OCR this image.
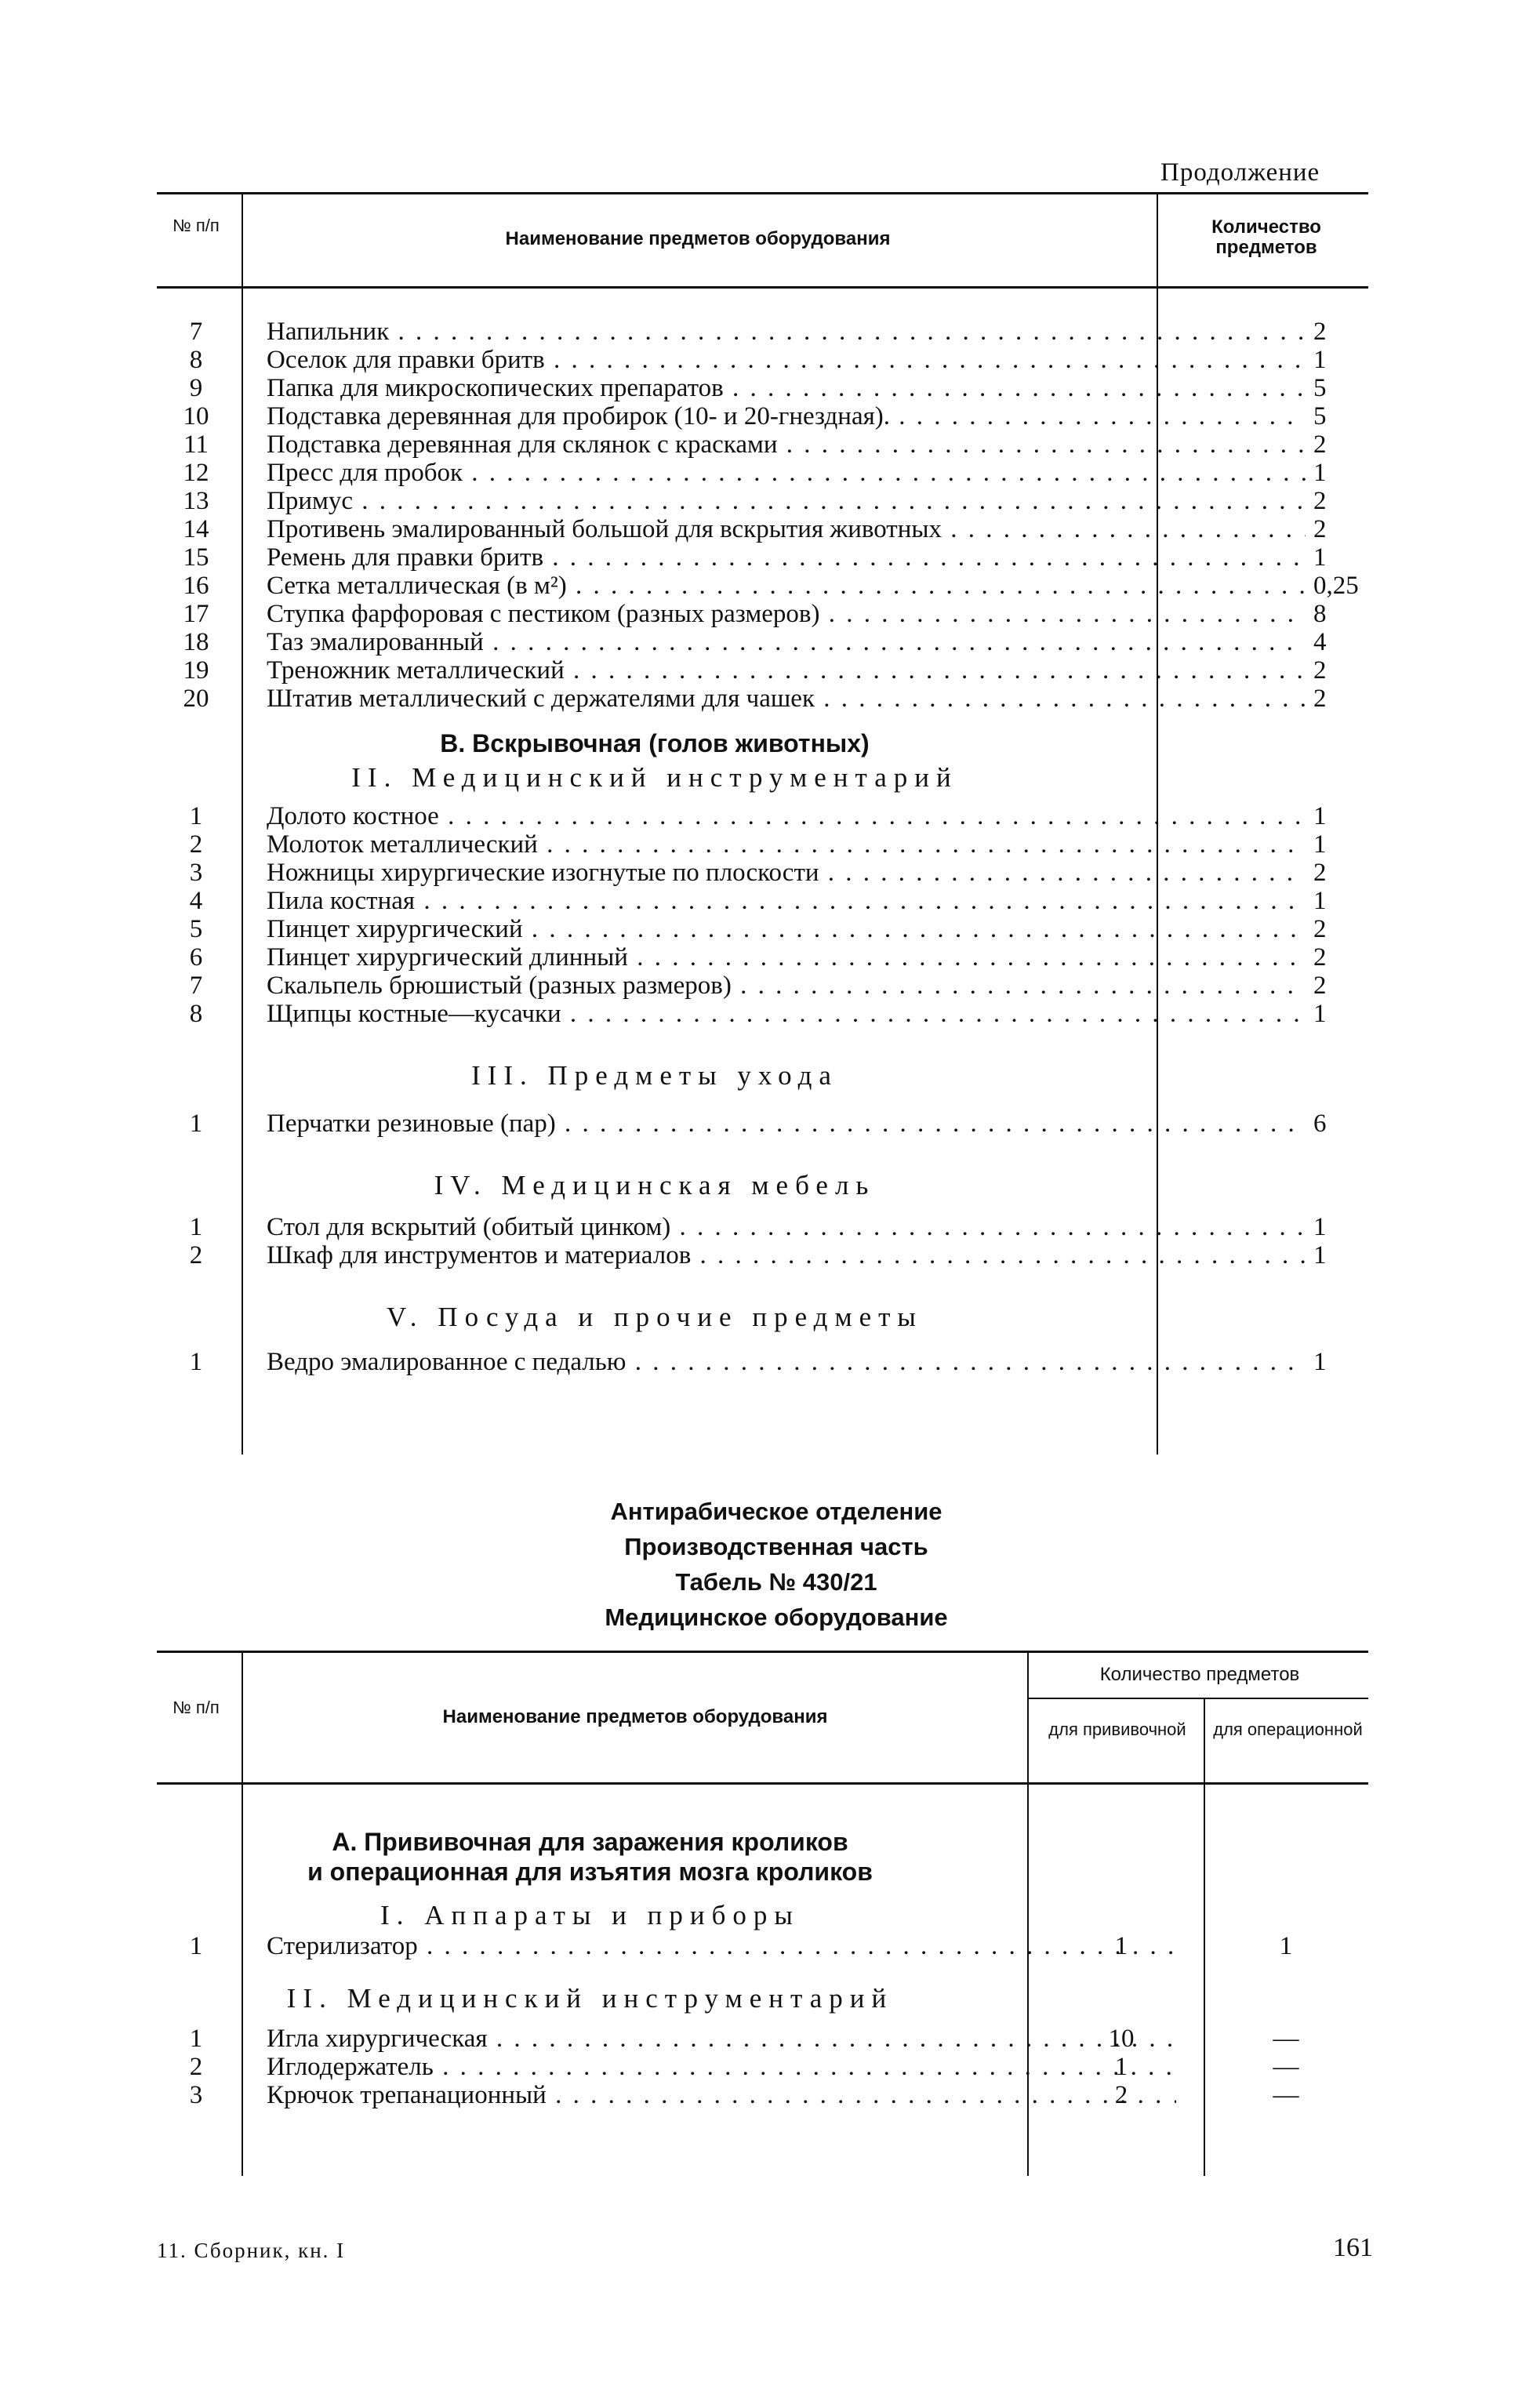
Продолжение
№ п/п
Наименование предметов оборудования
Количество предметов
7	Напильник . . .	2
8	Оселок для правки бритв . . .	1
9	Папка для микроскопических препаратов . . .	5
10	Подставка деревянная для пробирок (10- и 20-гнездная). . . .	5
11	Подставка деревянная для склянок с красками . . .	2
12	Пресс для пробок . . .	1
13	Примус . . .	2
14	Противень эмалированный большой для вскрытия животных . . .	2
15	Ремень для правки бритв . . .	1
16	Сетка металлическая (в м²) . . .	0,25
17	Ступка фарфоровая с пестиком (разных размеров) . . .	8
18	Таз эмалированный . . .	4
19	Треножник металлический . . .	2
20	Штатив металлический с держателями для чашек . . .	2
В. Вскрывочная (голов животных)
II. Медицинский инструментарий
1	Долото костное . . .	1
2	Молоток металлический . . .	1
3	Ножницы хирургические изогнутые по плоскости . . .	2
4	Пила костная . . .	1
5	Пинцет хирургический . . .	2
6	Пинцет хирургический длинный . . .	2
7	Скальпель брюшистый (разных размеров) . . .	2
8	Щипцы костные—кусачки . . .	1
III. Предметы ухода
1	Перчатки резиновые (пар) . . .	6
IV. Медицинская мебель
1	Стол для вскрытий (обитый цинком) . . .	1
2	Шкаф для инструментов и материалов . . .	1
V. Посуда и прочие предметы
1	Ведро эмалированное с педалью . . .	1
Антирабическое отделение
Производственная часть
Табель № 430/21
Медицинское оборудование
№ п/п	Наименование предметов оборудования
Количество предметов
для прививочной	для операционной
А. Прививочная для заражения кроликов
и операционная для изъятия мозга кроликов
I. Аппараты и приборы
1	Стерилизатор . . .	1	1
II. Медицинский инструментарий
1	Игла хирургическая . . .	10	—
2	Иглодержатель . . .	1	—
3	Крючок трепанационный . . .	2	—
11. Сборник, кн. I	161
